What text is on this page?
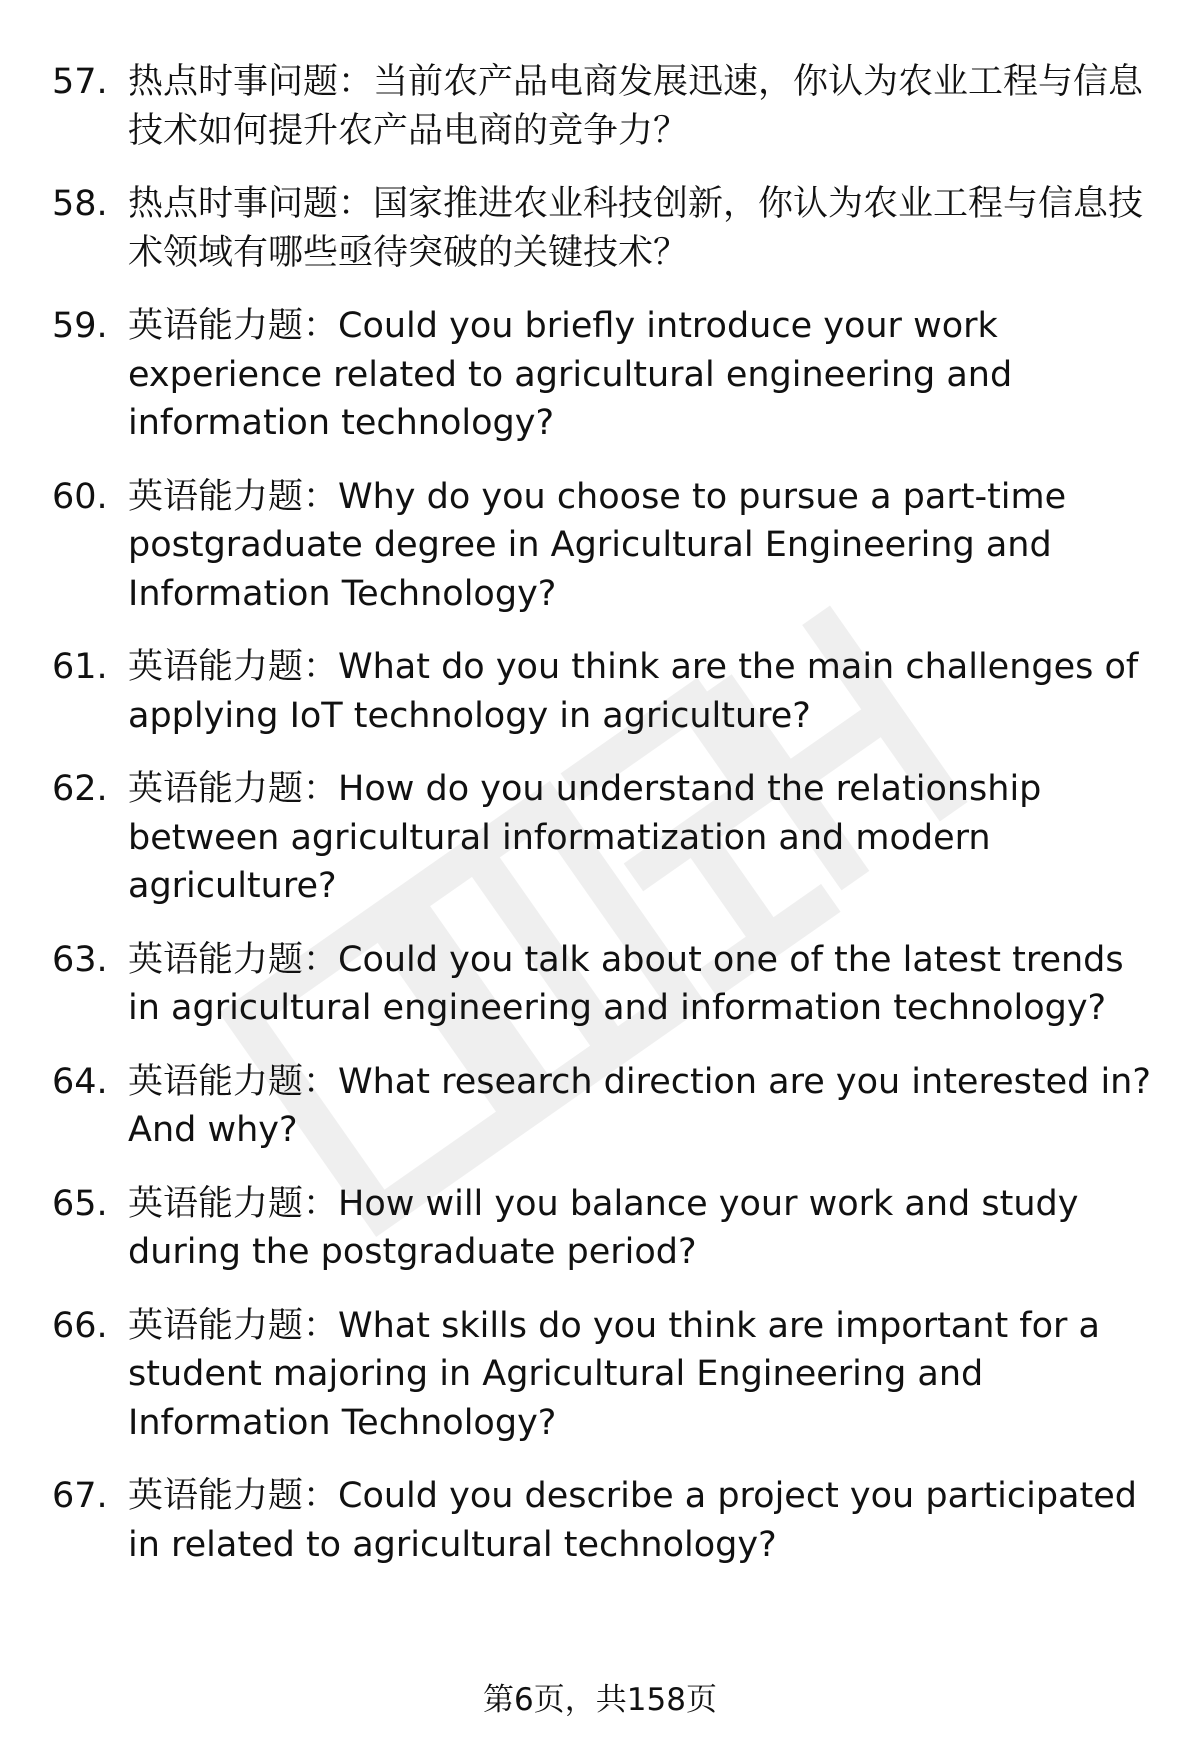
57. 热点时事问题：当前农产品电商发展迅速，你认为农业工程与信息技术如何提升农产品电商的竞争力？
58. 热点时事问题：国家推进农业科技创新，你认为农业工程与信息技术领域有哪些亟待突破的关键技术？
59. 英语能力题：Could you briefly introduce your work experience related to agricultural engineering and information technology?
60. 英语能力题：Why do you choose to pursue a part-time postgraduate degree in Agricultural Engineering and Information Technology?
61. 英语能力题：What do you think are the main challenges of applying IoT technology in agriculture?
62. 英语能力题：How do you understand the relationship between agricultural informatization and modern agriculture?
63. 英语能力题：Could you talk about one of the latest trends in agricultural engineering and information technology?
64. 英语能力题：What research direction are you interested in? And why?
65. 英语能力题：How will you balance your work and study during the postgraduate period?
66. 英语能力题：What skills do you think are important for a student majoring in Agricultural Engineering and Information Technology?
67. 英语能力题：Could you describe a project you participated in related to agricultural technology?
第6页，共158页
